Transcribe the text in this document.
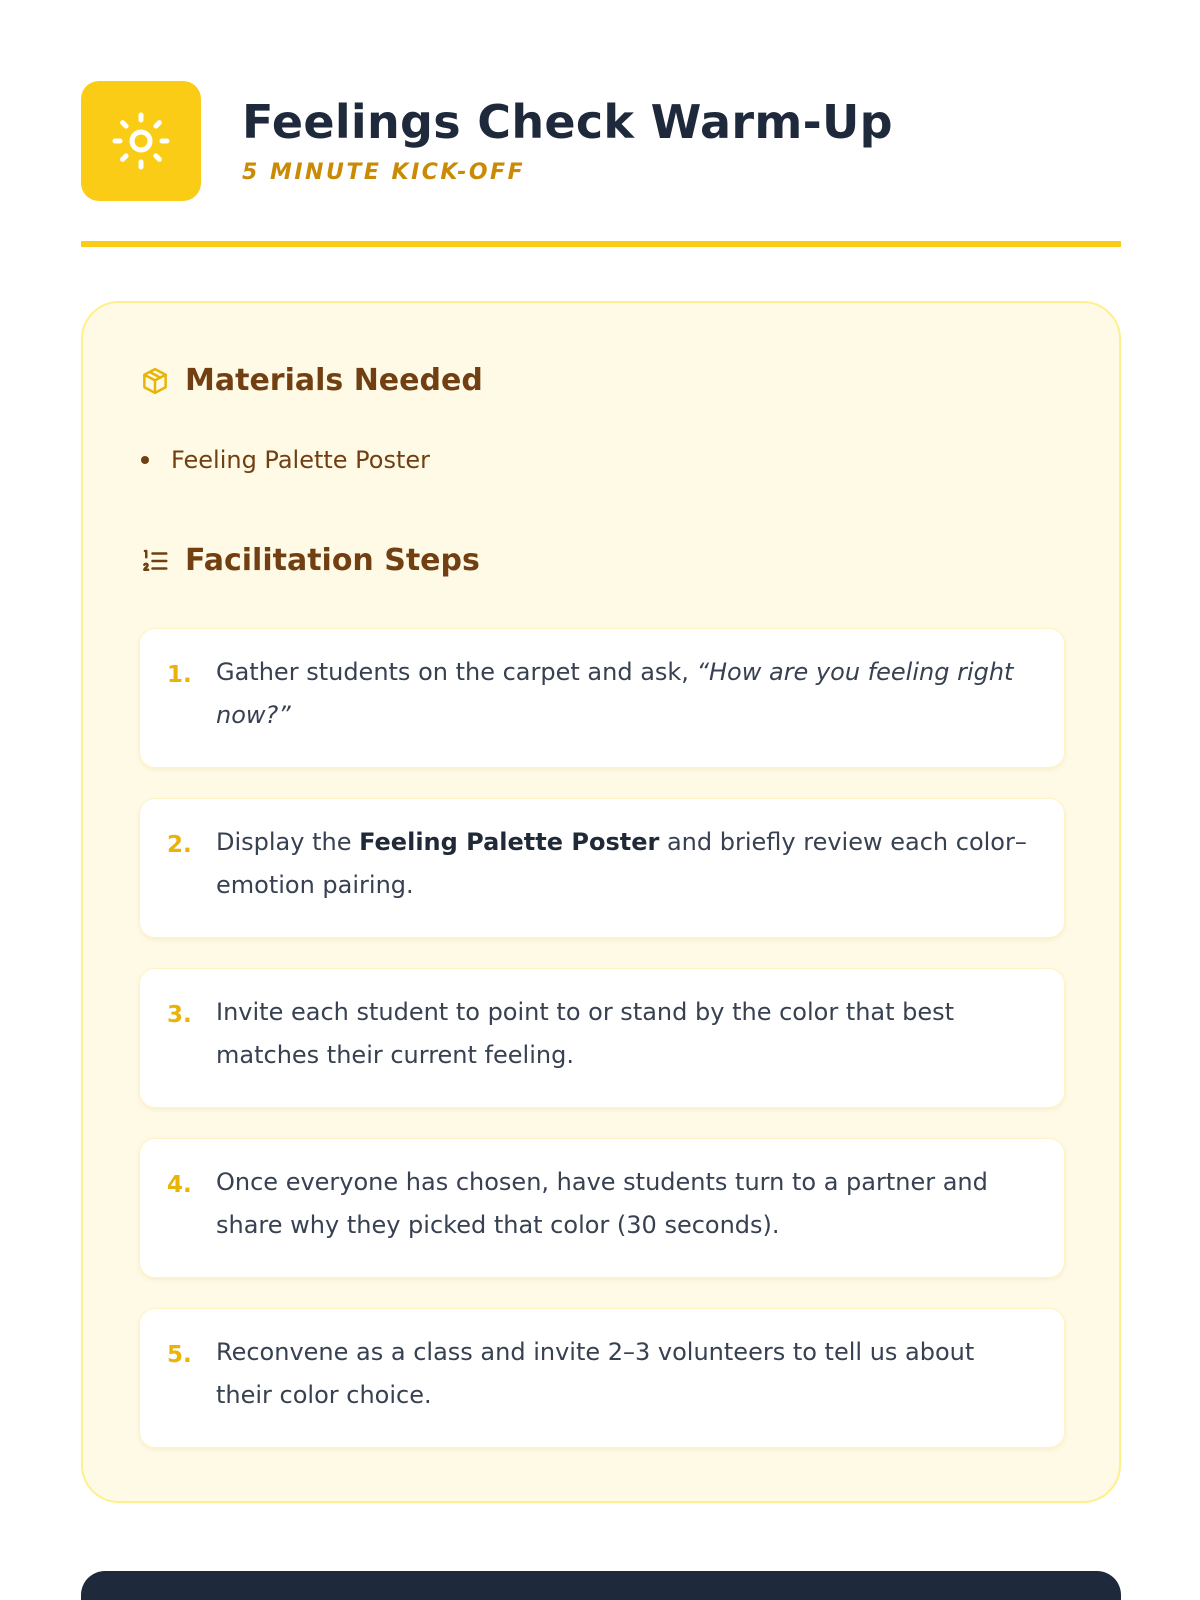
Feelings Check Warm-Up
5 MINUTE KICK-OFF
Materials Needed
Feeling Palette Poster
Facilitation Steps
1. Gather students on the carpet and ask, “How are you feeling right now?”
2. Display the Feeling Palette Poster and briefly review each color–emotion pairing.
3. Invite each student to point to or stand by the color that best matches their current feeling.
4. Once everyone has chosen, have students turn to a partner and share why they picked that color (30 seconds).
5. Reconvene as a class and invite 2–3 volunteers to tell us about their color choice.
